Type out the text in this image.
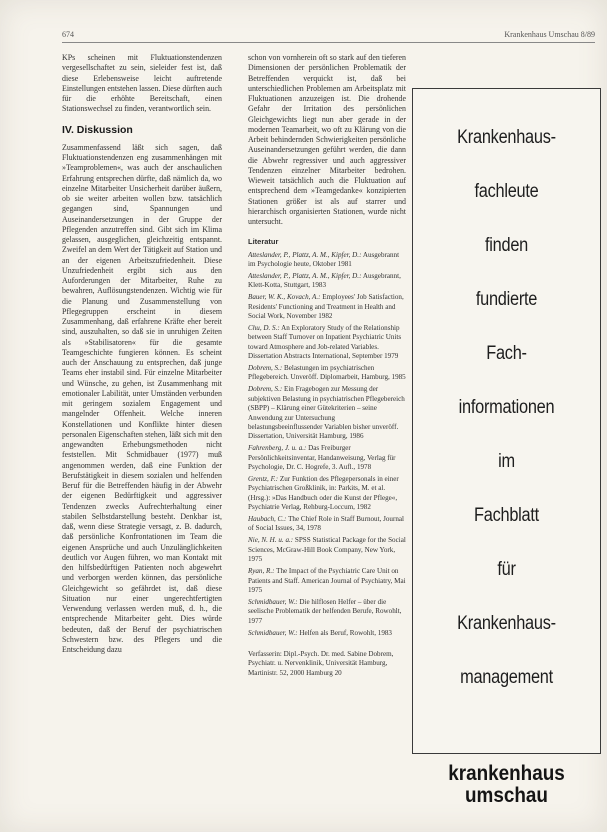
674	Krankenhaus Umschau 8/89

KPs scheinen mit Fluktuationstendenzen vergesellschaftet zu sein, sieleider fest ist, daß diese Erlebensweise leicht auftretende Einstellungen entstehen lassen. Diese dürften auch für die erhöhte Bereitschaft, einen Stationswechsel zu finden, verantwortlich sein.

IV. Diskussion

Zusammenfassend läßt sich sagen, daß Fluktuationstendenzen eng zusammenhängen mit »Teamproblemen«, was auch der anschaulichen Erfahrung entsprechen dürfte, daß nämlich da, wo einzelne Mitarbeiter Unsicherheit darüber äußern, ob sie weiter arbeiten wollen bzw. tatsächlich gegangen sind, Spannungen und Auseinandersetzungen in der Gruppe der Pflegenden anzutreffen sind. Gibt sich im Klima gelassen, ausgeglichen, gleichzeitig entspannt. Zweifel an dem Wert der Tätigkeit auf Station und an der eigenen Arbeitszufriedenheit. Diese Unzufriedenheit ergibt sich aus den Auforderungen der Mitarbeiter, Ruhe zu bewahren, Auflösungstendenzen. Wichtig wie für die Planung und Zusammenstellung von Pflegegruppen erscheint in diesem Zusammenhang, daß erfahrene Kräfte eher bereit sind, auszuhalten, so daß sie in unruhigen Zeiten als »Stabilisatoren« für die gesamte Teamgeschichte fungieren können. Es scheint auch der Anschauung zu entsprechen, daß junge Teams eher instabil sind. Für einzelne Mitarbeiter und Wünsche, zu gehen, ist Zusammenhang mit emotionaler Labilität, unter Umständen verbunden mit geringem sozialem Engagement und mangelnder Offenheit. Welche inneren Konstellationen und Konflikte hinter diesen personalen Eigenschaften stehen, läßt sich mit den angewandten Erhebungsmethoden nicht feststellen. Mit Schmidbauer (1977) muß angenommen werden, daß eine Funktion der Berufstätigkeit in diesem sozialen und helfenden Beruf für die Betreffenden häufig in der Abwehr der eigenen Bedürftigkeit und aggressiver Tendenzen zwecks Aufrechterhaltung einer stabilen Selbstdarstellung besteht. Denkbar ist, daß, wenn diese Strategie versagt, z. B. dadurch, daß persönliche Konfrontationen im Team die eigenen Ansprüche und auch Unzulänglichkeiten deutlich vor Augen führen, wo man Kontakt mit den hilfsbedürftigen Patienten noch abgewehrt und verborgen werden können, das persönliche Gleichgewicht so gefährdet ist, daß diese Situation nur einer ungerechtfertigten Verwendung verlassen werden muß, d. h., die entsprechende Mitarbeiter geht. Dies würde bedeuten, daß der Beruf der psychiatrischen Schwestern bzw. des Pflegers und die Entscheidung dazu

schon von vornherein oft so stark auf den tieferen Dimensionen der persönlichen Problematik der Betreffenden verquickt ist, daß bei unterschiedlichen Problemen am Arbeitsplatz mit Fluktuationen anzuzeigen ist. Die drohende Gefahr der Irritation des persönlichen Gleichgewichts liegt nun aber gerade in der modernen Teamarbeit, wo oft zu Klärung von die Arbeit behindernden Schwierigkeiten persönliche Auseinandersetzungen geführt werden, die dann die Abwehr regressiver und auch aggressiver Tendenzen einzelner Mitarbeiter bedrohen. Wieweit tatsächlich auch die Fluktuation auf entsprechend dem »Teamgedanke« konzipierten Stationen größer ist als auf starrer und hierarchisch organisierten Stationen, wurde nicht untersucht.

Literatur
Atteslander, P., Plattz, A. M., Kipfer, D.: Ausgebrannt im Psychologie heute, Oktober 1981
Atteslander, P., Plattz, A. M., Kipfer, D.: Ausgebrannt, Klett-Kotta, Stuttgart, 1983
Bauer, W. K., Kovach, A.: Employees' Job Satisfaction, Residents' Functioning and Treatment in Health and Social Work, November 1982
Chu, D. S.: An Exploratory Study of the Relationship between Staff Turnover on Inpatient Psychiatric Units toward Atmosphere and Job-related Variables. Dissertation Abstracts International, September 1979
Dobrem, S.: Belastungen im psychiatrischen Pflegebereich. Unveröff. Diplomarbeit, Hamburg, 1985
Dobrem, S.: Ein Fragebogen zur Messung der subjektiven Belastung in psychiatrischen Pflegebereich (SBPP) – Klärung einer Gütekriterien – seine Anwendung zur Untersuchung belastungsbeeinflussender Variablen bisher unveröff. Dissertation, Universität Hamburg, 1986
Fahrenberg, J. u. a.: Das Freiburger Persönlichkeitsinventar, Handanweisung, Verlag für Psychologie, Dr. C. Hogrefe, 3. Aufl., 1978
Grentz, F.: Zur Funktion des Pflegepersonals in einer Psychiatrischen Großklinik, in: Parkits, M. et al. (Hrsg.): »Das Handbuch oder die Kunst der Pflege«, Psychiatrie Verlag, Rehburg-Loccum, 1982
Haubach, C.: The Chief Role in Staff Burnout, Journal of Social Issues, 34, 1978
Nie, N. H. u. a.: SPSS Statistical Package for the Social Sciences, McGraw-Hill Book Company, New York, 1975
Ryan, R.: The Impact of the Psychiatric Care Unit on Patients and Staff. American Journal of Psychiatry, Mai 1975
Schmidbauer, W.: Die hilflosen Helfer – über die seelische Problematik der helfenden Berufe, Rowohlt, 1977
Schmidbauer, W.: Helfen als Beruf, Rowohlt, 1983
Verfasserin: Dipl.-Psych. Dr. med. Sabine Dobrem, Psychiatr. u. Nervenklinik, Universität Hamburg, Martinistr. 52, 2000 Hamburg 20
Krankenhaus-
fachleute
finden
fundierte
Fach-
informationen
im
Fachblatt
für
Krankenhaus-
management
krankenhaus
umschau
